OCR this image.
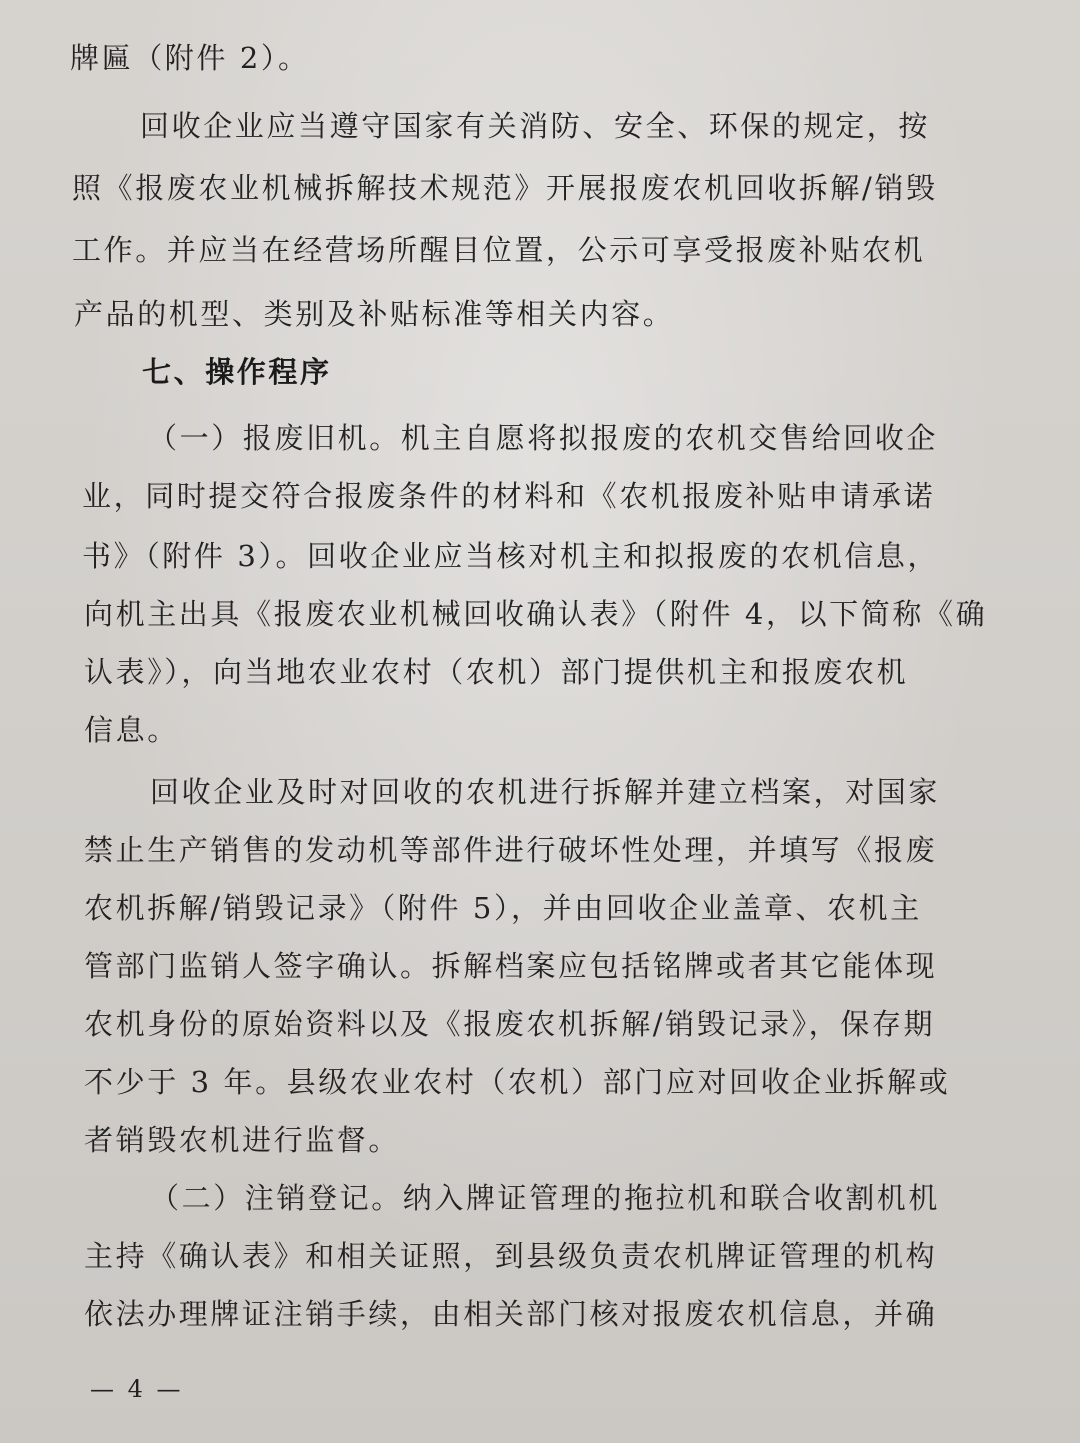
牌匾（附件 2）。
回收企业应当遵守国家有关消防、安全、环保的规定，按
照《报废农业机械拆解技术规范》开展报废农机回收拆解/销毁
工作。并应当在经营场所醒目位置，公示可享受报废补贴农机
产品的机型、类别及补贴标准等相关内容。
七、操作程序
（一）报废旧机。机主自愿将拟报废的农机交售给回收企
业，同时提交符合报废条件的材料和《农机报废补贴申请承诺
书》（附件 3）。回收企业应当核对机主和拟报废的农机信息，
向机主出具《报废农业机械回收确认表》（附件 4，以下简称《确
认表》），向当地农业农村（农机）部门提供机主和报废农机
信息。
回收企业及时对回收的农机进行拆解并建立档案，对国家
禁止生产销售的发动机等部件进行破坏性处理，并填写《报废
农机拆解/销毁记录》（附件 5），并由回收企业盖章、农机主
管部门监销人签字确认。拆解档案应包括铭牌或者其它能体现
农机身份的原始资料以及《报废农机拆解/销毁记录》，保存期
不少于 3 年。县级农业农村（农机）部门应对回收企业拆解或
者销毁农机进行监督。
（二）注销登记。纳入牌证管理的拖拉机和联合收割机机
主持《确认表》和相关证照，到县级负责农机牌证管理的机构
依法办理牌证注销手续，由相关部门核对报废农机信息，并确
— 4 —
